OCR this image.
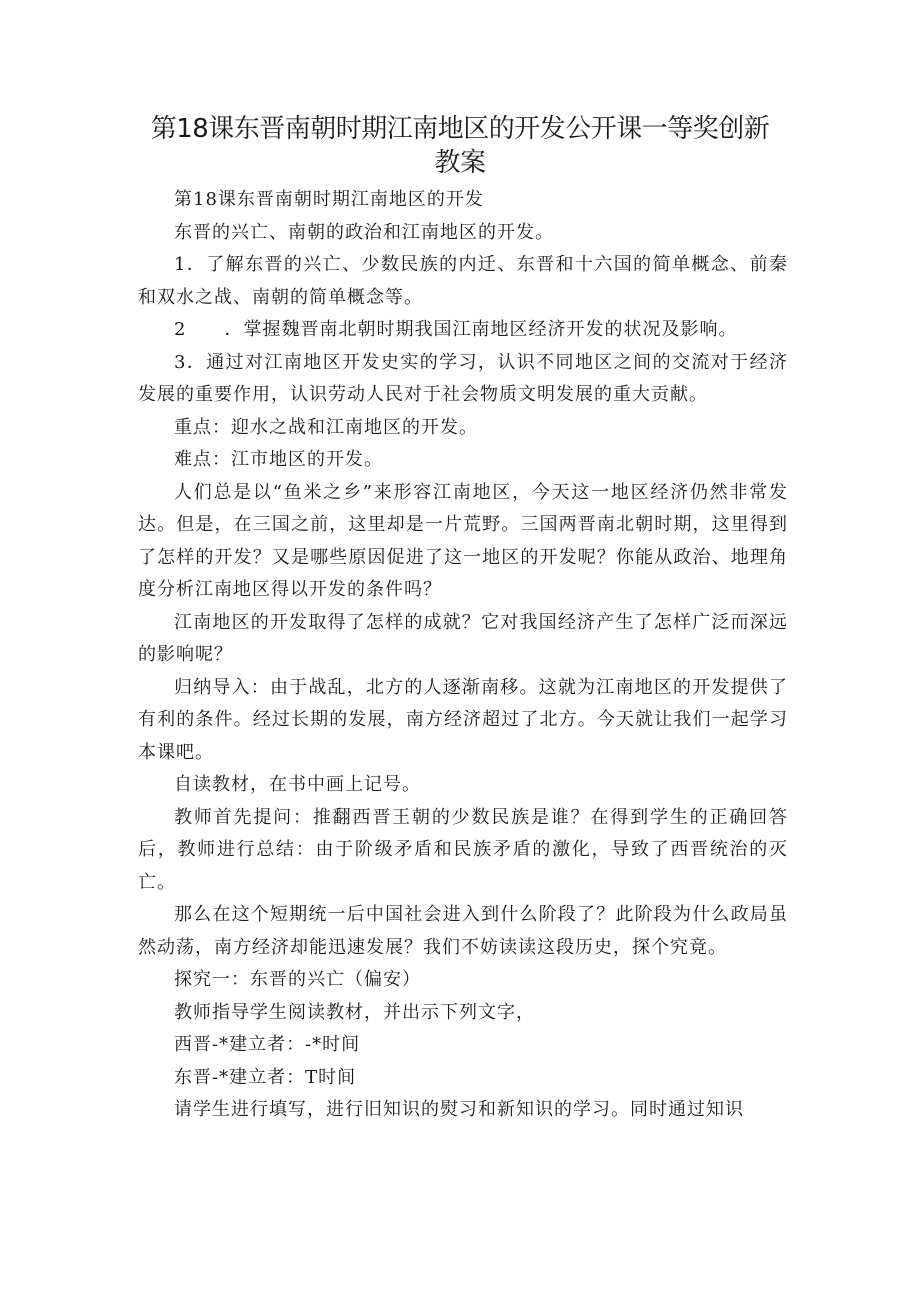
第18课东晋南朝时期江南地区的开发公开课一等奖创新教案

第18课东晋南朝时期江南地区的开发

东晋的兴亡、南朝的政治和江南地区的开发。

1．了解东晋的兴亡、少数民族的内迁、东晋和十六国的简单概念、前秦和双水之战、南朝的简单概念等。

2　　．掌握魏晋南北朝时期我国江南地区经济开发的状况及影响。

3．通过对江南地区开发史实的学习，认识不同地区之间的交流对于经济发展的重要作用，认识劳动人民对于社会物质文明发展的重大贡献。

重点：迎水之战和江南地区的开发。

难点：江市地区的开发。

人们总是以“鱼米之乡”来形容江南地区，今天这一地区经济仍然非常发达。但是，在三国之前，这里却是一片荒野。三国两晋南北朝时期，这里得到了怎样的开发？又是哪些原因促进了这一地区的开发呢？你能从政治、地理角度分析江南地区得以开发的条件吗？

江南地区的开发取得了怎样的成就？它对我国经济产生了怎样广泛而深远的影响呢？

归纳导入：由于战乱，北方的人逐渐南移。这就为江南地区的开发提供了有利的条件。经过长期的发展，南方经济超过了北方。今天就让我们一起学习本课吧。

自读教材，在书中画上记号。

教师首先提问：推翻西晋王朝的少数民族是谁？在得到学生的正确回答后，教师进行总结：由于阶级矛盾和民族矛盾的激化，导致了西晋统治的灭亡。

那么在这个短期统一后中国社会进入到什么阶段了？此阶段为什么政局虽然动荡，南方经济却能迅速发展？我们不妨读读这段历史，探个究竟。

探究一：东晋的兴亡（偏安）

教师指导学生阅读教材，并出示下列文字，

西晋-*建立者：-*时间

东晋-*建立者：T时间

请学生进行填写，进行旧知识的熨习和新知识的学习。同时通过知识
